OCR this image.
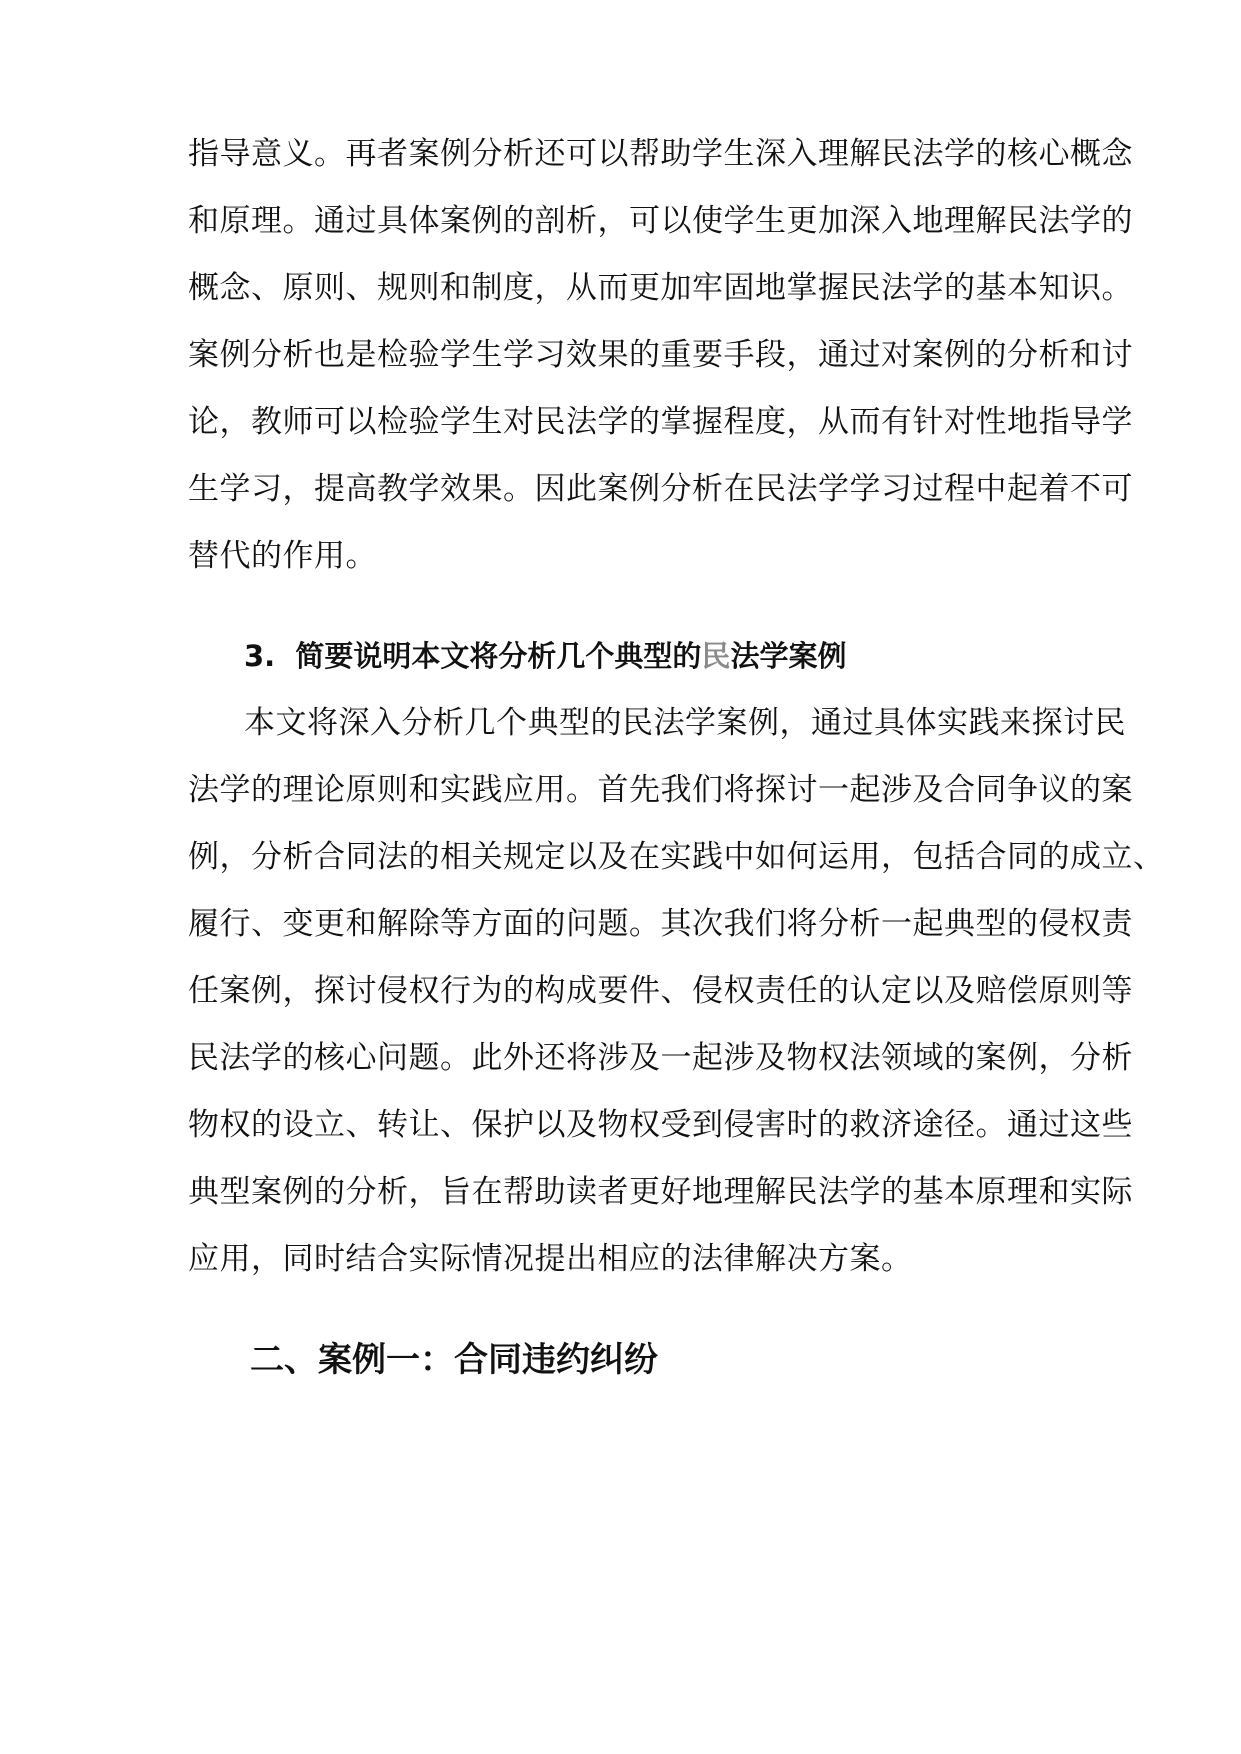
指导意义。再者案例分析还可以帮助学生深入理解民法学的核心概念
和原理。通过具体案例的剖析，可以使学生更加深入地理解民法学的
概念、原则、规则和制度，从而更加牢固地掌握民法学的基本知识。
案例分析也是检验学生学习效果的重要手段，通过对案例的分析和讨
论，教师可以检验学生对民法学的掌握程度，从而有针对性地指导学
生学习，提高教学效果。因此案例分析在民法学学习过程中起着不可
替代的作用。
3. 简要说明本文将分析几个典型的民法学案例
本文将深入分析几个典型的民法学案例，通过具体实践来探讨民
法学的理论原则和实践应用。首先我们将探讨一起涉及合同争议的案
例，分析合同法的相关规定以及在实践中如何运用，包括合同的成立、
履行、变更和解除等方面的问题。其次我们将分析一起典型的侵权责
任案例，探讨侵权行为的构成要件、侵权责任的认定以及赔偿原则等
民法学的核心问题。此外还将涉及一起涉及物权法领域的案例，分析
物权的设立、转让、保护以及物权受到侵害时的救济途径。通过这些
典型案例的分析，旨在帮助读者更好地理解民法学的基本原理和实际
应用，同时结合实际情况提出相应的法律解决方案。
二、案例一：合同违约纠纷
